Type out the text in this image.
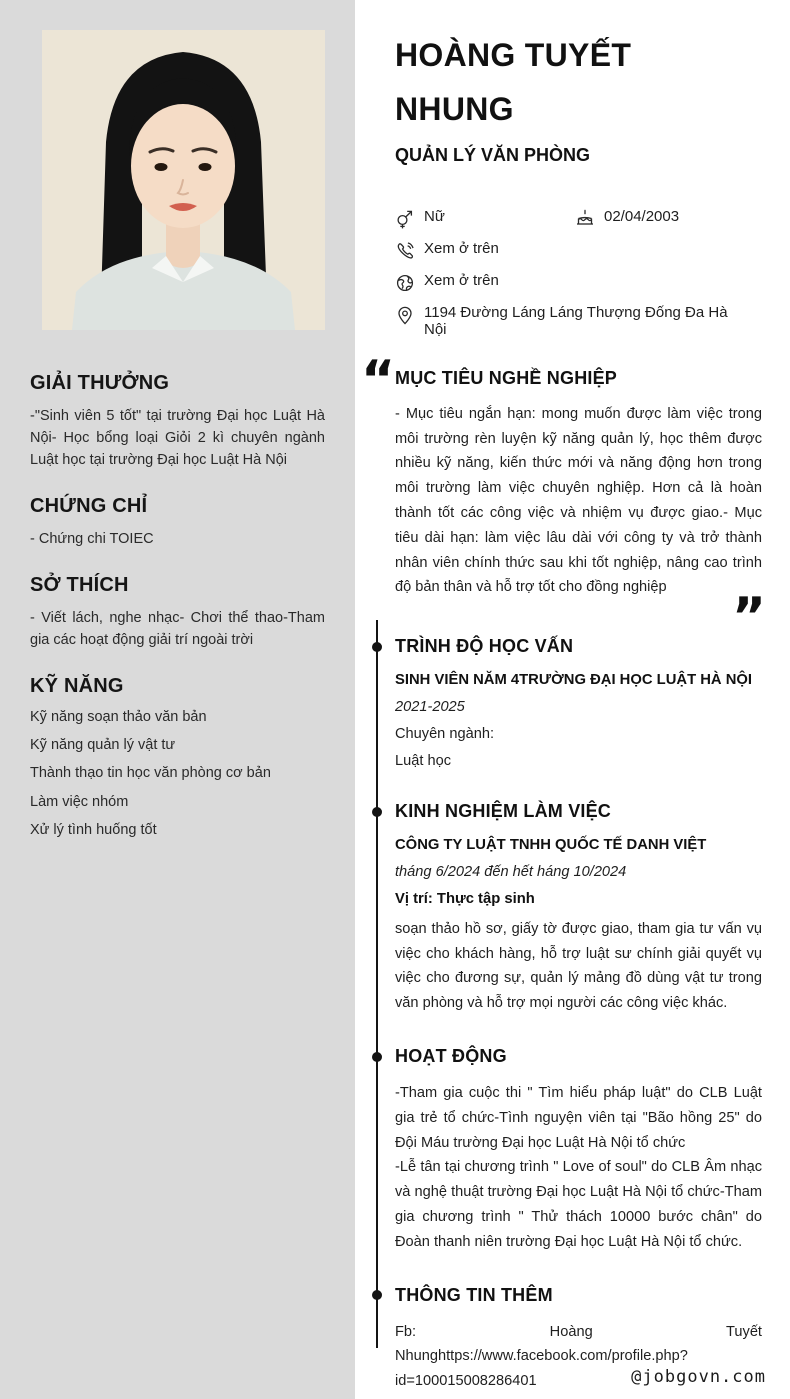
GIẢI THƯỞNG

-"Sinh viên 5 tốt" tại trường Đại học Luật Hà Nội- Học bổng loại Giỏi 2 kì chuyên ngành Luật học tại trường Đại học Luật Hà Nội

CHỨNG CHỈ

- Chứng chi TOIEC

SỞ THÍCH

- Viết lách, nghe nhạc- Chơi thể thao-Tham gia các hoạt động giải trí ngoài trời

KỸ NĂNG
Kỹ năng soạn thảo văn bản
Kỹ năng quản lý vật tư
Thành thạo tin học văn phòng cơ bản
Làm việc nhóm
Xử lý tình huống tốt
HOÀNG TUYẾT NHUNG
QUẢN LÝ VĂN PHÒNG
Nữ	02/04/2003
Xem ở trên
Xem ở trên
1194 Đường Láng Láng Thượng Đống Đa Hà Nội
“ MỤC TIÊU NGHỀ NGHIỆP

- Mục tiêu ngắn hạn: mong muốn được làm việc trong môi trường rèn luyện kỹ năng quản lý, học thêm được nhiều kỹ năng, kiến thức mới và năng động hơn trong môi trường làm việc chuyên nghiệp. Hơn cả là hoàn thành tốt các công việc và nhiệm vụ được giao.- Mục tiêu dài hạn: làm việc lâu dài với công ty và trở thành nhân viên chính thức sau khi tốt nghiệp, nâng cao trình độ bản thân và hỗ trợ tốt cho đồng nghiệp	”
TRÌNH ĐỘ HỌC VẤN

SINH VIÊN NĂM 4TRƯỜNG ĐẠI HỌC LUẬT HÀ NỘI

2021-2025

Chuyên ngành:

Luật học

KINH NGHIỆM LÀM VIỆC

CÔNG TY LUẬT TNHH QUỐC TẾ DANH VIỆT

tháng 6/2024 đến hết háng 10/2024

Vị trí: Thực tập sinh

soạn thảo hồ sơ, giấy tờ được giao, tham gia tư vấn vụ việc cho khách hàng, hỗ trợ luật sư chính giải quyết vụ việc cho đương sự, quản lý mảng đồ dùng vật tư trong văn phòng và hỗ trợ mọi người các công việc khác.

HOẠT ĐỘNG

-Tham gia cuộc thi " Tìm hiểu pháp luật" do CLB Luật gia trẻ tổ chức-Tình nguyện viên tại "Bão hồng 25" do Đội Máu trường Đại học Luật Hà Nội tổ chức

-Lễ tân tại chương trình " Love of soul" do CLB Âm nhạc và nghệ thuật trường Đại học Luật Hà Nội tổ chức-Tham gia chương trình " Thử thách 10000 bước chân" do Đoàn thanh niên trường Đại học Luật Hà Nội tổ chức.

THÔNG TIN THÊM

Fb: Hoàng Tuyết Nhunghttps://www.facebook.com/profile.php?id=100015008286401	@jobgovn.com
